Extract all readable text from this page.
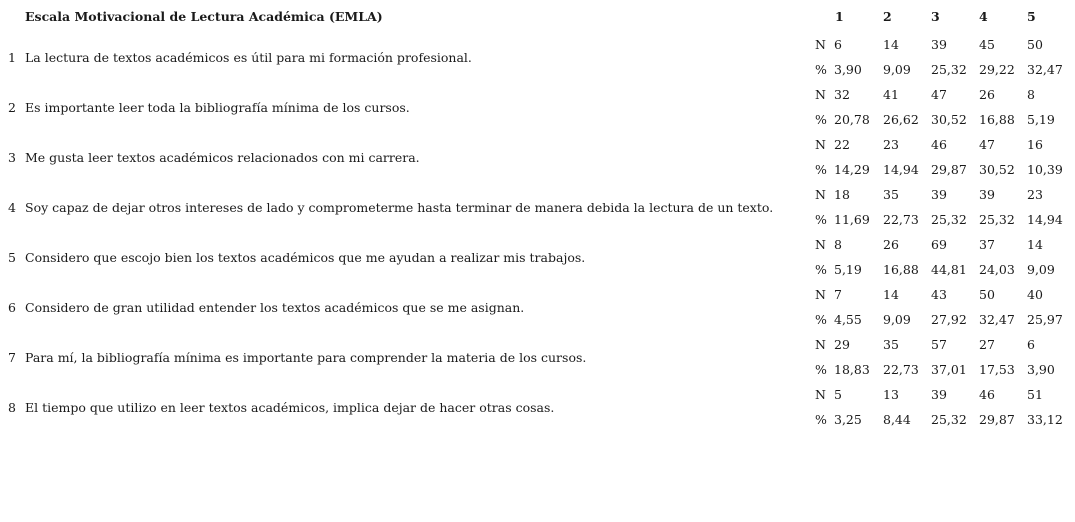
Escala Motivacional de Lectura Académica (EMLA)	1	2	3	4	5
1 La lectura de textos académicos es útil para mi formación profesional.
N 6	14	39	45	50
% 3,90 9,09 25,32 29,22 32,47
2 Es importante leer toda la bibliografía mínima de los cursos.
N 32	41	47	26	8
% 20,78 26,62 30,52 16,88 5,19
3 Me gusta leer textos académicos relacionados con mi carrera.
N 22	23	46	47	16
% 14,29 14,94 29,87 30,52 10,39
4 Soy capaz de dejar otros intereses de lado y comprometerme hasta terminar de manera debida la lectura de un texto.
N 18	35	39	39	23
% 11,69 22,73 25,32 25,32 14,94
5 Considero que escojo bien los textos académicos que me ayudan a realizar mis trabajos.
N 8	26	69	37	14
% 5,19 16,88 44,81 24,03 9,09
6 Considero de gran utilidad entender los textos académicos que se me asignan.
N 7	14	43	50	40
% 4,55 9,09 27,92 32,47 25,97
7 Para mí, la bibliografía mínima es importante para comprender la materia de los cursos.
N 29	35	57	27	6
% 18,83 22,73 37,01 17,53 3,90
8 El tiempo que utilizo en leer textos académicos, implica dejar de hacer otras cosas.
N 5	13	39	46	51
% 3,25 8,44 25,32 29,87 33,12
